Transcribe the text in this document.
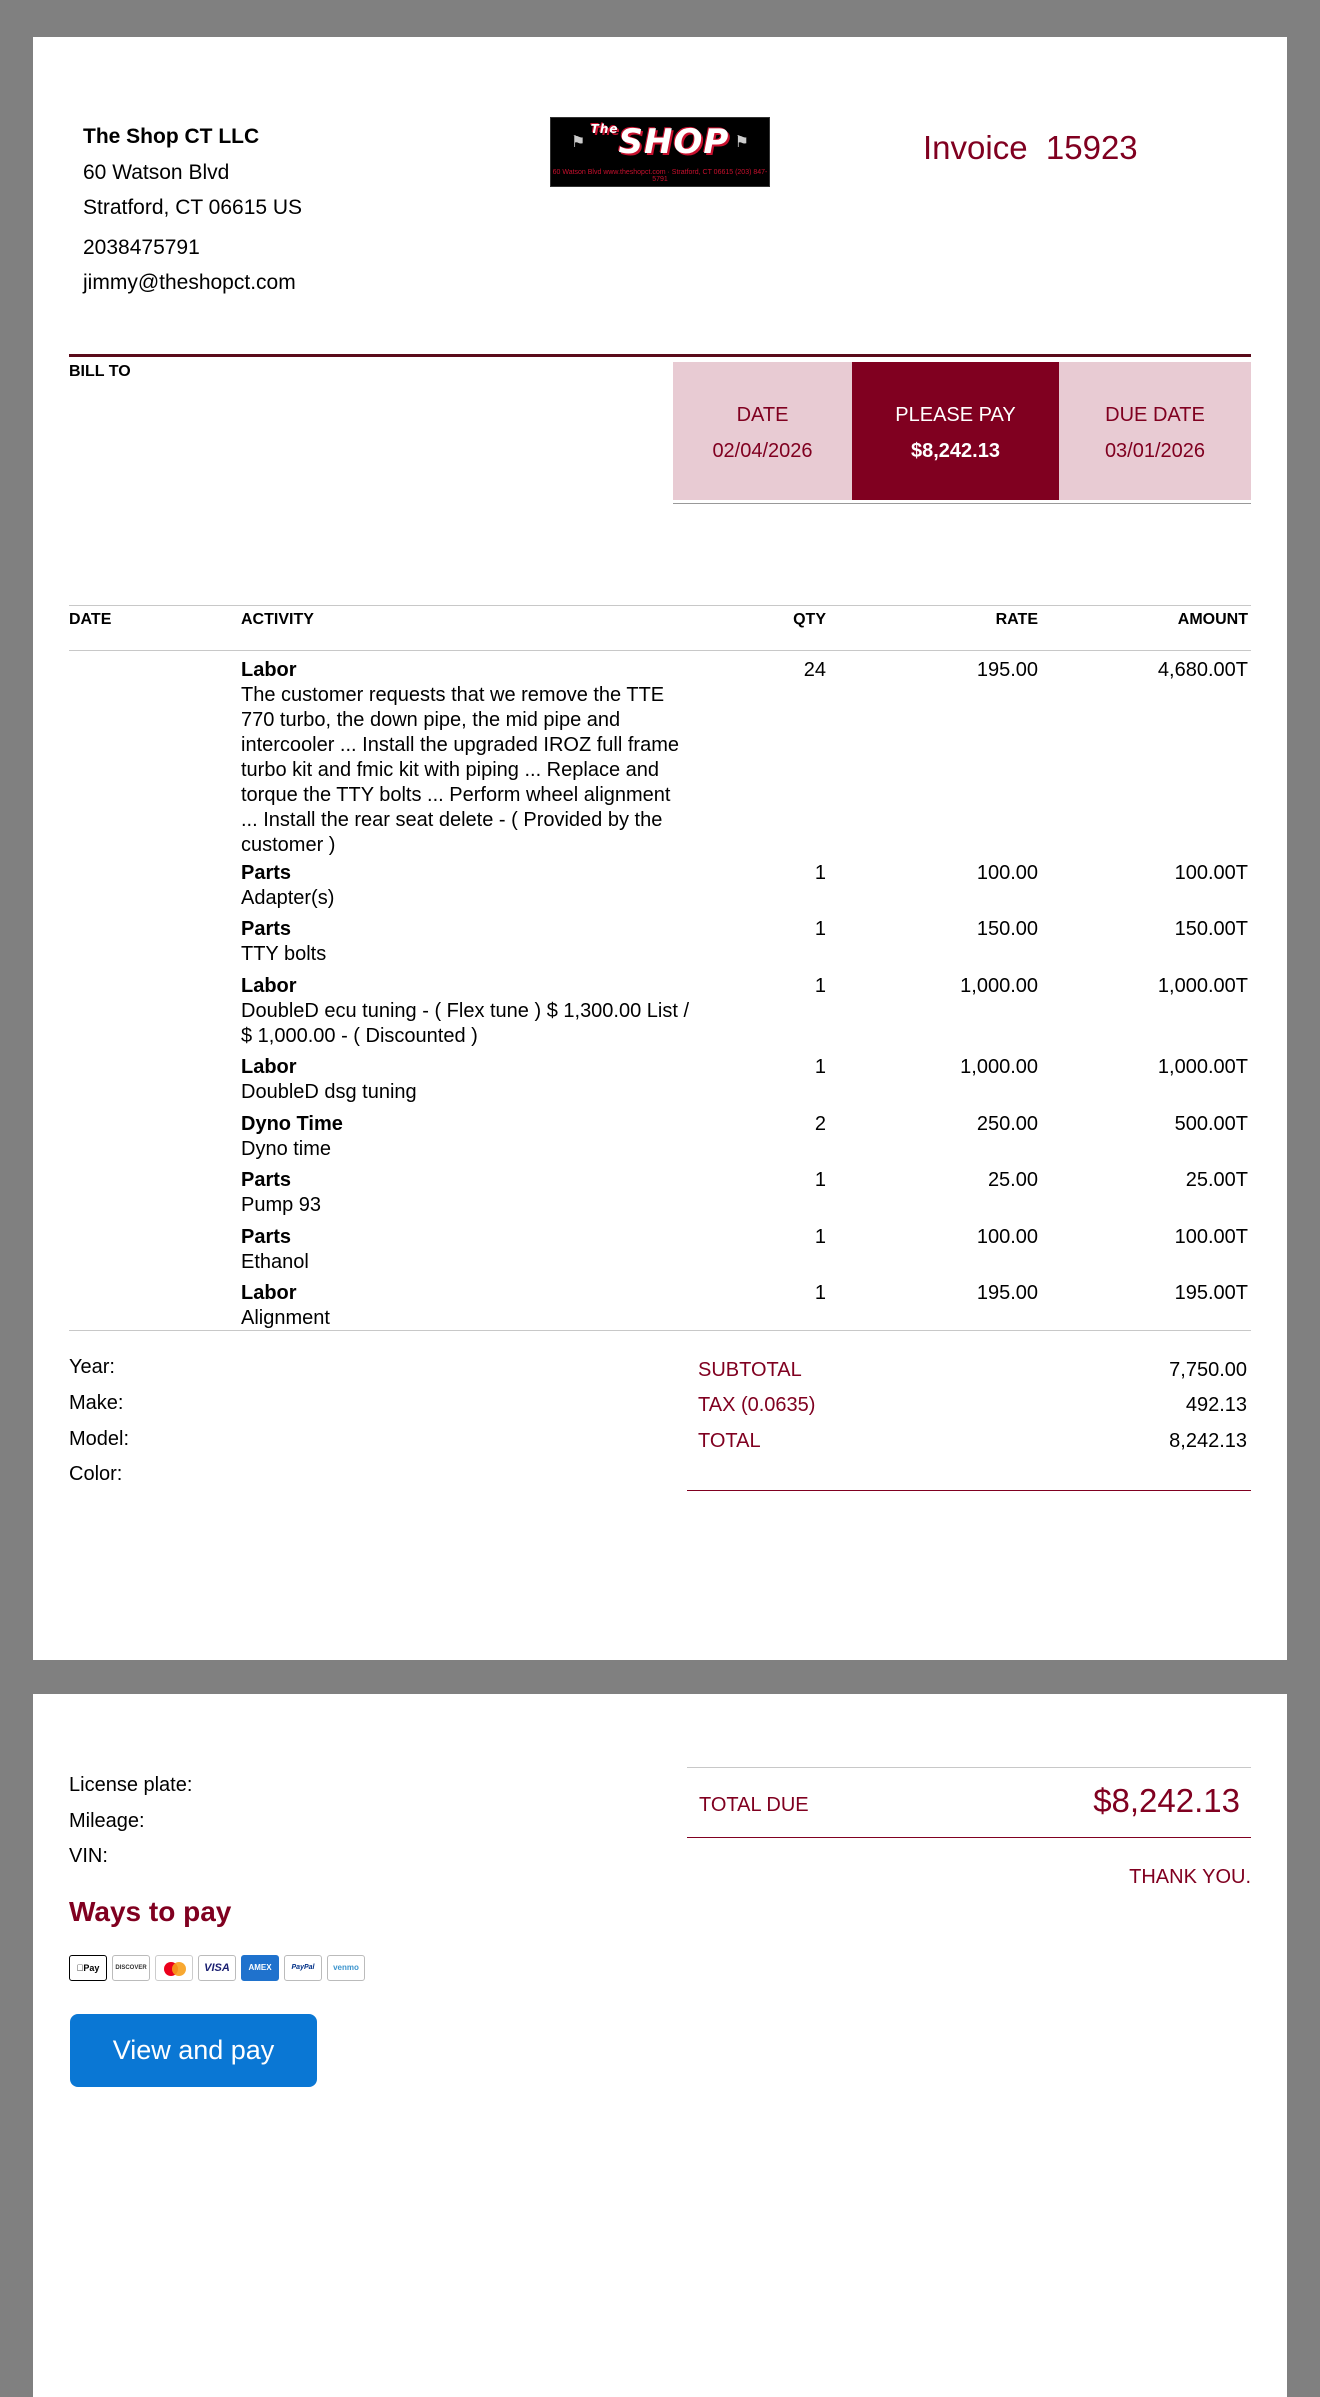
The Shop CT LLC
60 Watson Blvd
Stratford, CT 06615 US
2038475791
jimmy@theshopct.com
⚑	⚑
$^{The}$SHOP
60 Watson Blvd www.theshopct.com · Stratford, CT 06615 (203) 847-5791
Invoice  15923
BILL TO
DATE
02/04/2026
PLEASE PAY
$8,242.13
DUE DATE
03/01/2026
DATE	ACTIVITY	QTY	RATE	AMOUNT
Labor
The customer requests that we remove the TTE 770 turbo, the down pipe, the mid pipe and intercooler ... Install the upgraded IROZ full frame turbo kit and fmic kit with piping ... Replace and torque the TTY bolts ... Perform wheel alignment ... Install the rear seat delete - ( Provided by the customer )
24	195.00	4,680.00T
Parts
Adapter(s)
1	100.00	100.00T
Parts
TTY bolts
1	150.00	150.00T
Labor
DoubleD ecu tuning - ( Flex tune ) $ 1,300.00 List / $ 1,000.00 - ( Discounted )
1	1,000.00	1,000.00T
Labor
DoubleD dsg tuning
1	1,000.00	1,000.00T
Dyno Time
Dyno time
2	250.00	500.00T
Parts
Pump 93
1	25.00	25.00T
Parts
Ethanol
1	100.00	100.00T
Labor
Alignment
1	195.00	195.00T
Year:
Make:
Model:
Color:
SUBTOTAL	7,750.00
TAX (0.0635)	492.13
TOTAL	8,242.13
License plate:
Mileage:
VIN:
TOTAL DUE	$8,242.13
THANK YOU.
Ways to pay
Pay	DISCOVER	VISA	AMEX	PayPal	venmo
View and pay
